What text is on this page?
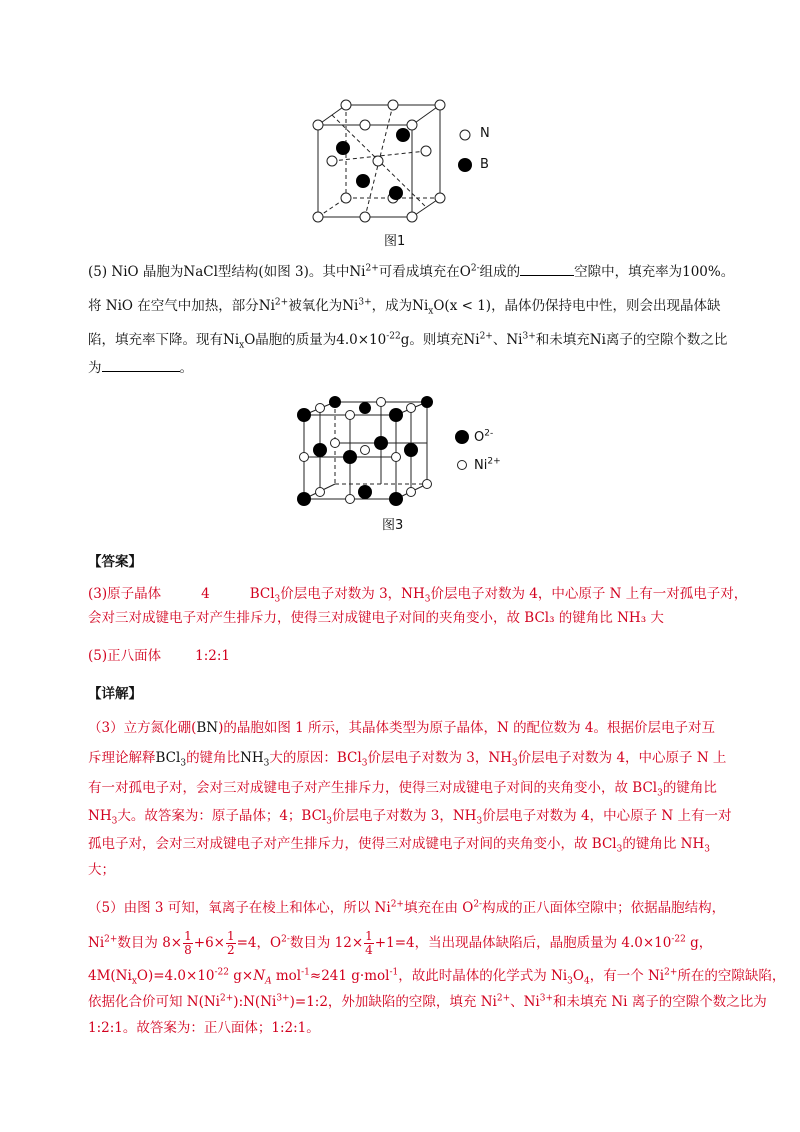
N
B
图1
(5) NiO 晶胞为NaCl型结构(如图 3)。其中$Ni^{2+}$可看成填充在$O^{2-}$组成的	空隙中，填充率为100%。
将 NiO 在空气中加热，部分$Ni^{2+}$被氧化为$Ni^{3+}$，成为$Ni_xO(x < 1)$，晶体仍保持电中性，则会出现晶体缺
陷，填充率下降。现有$Ni_xO$晶胞的质量为$4.0\times 10^{-22}g$。则填充$Ni^{2+}$、$Ni^{3+}$和未填充Ni离子的空隙个数之比
为	。
$O^{2-}$
$Ni^{2+}$
图3
【答案】
(3)原子晶体	4	BCl$_3$价层电子对数为 3，$NH_3$价层电子对数为 4，中心原子 N 上有一对孤电子对，
会对三对成键电子对产生排斥力，使得三对成键电子对间的夹角变小，故 BCl₃ 的键角比 NH₃ 大
(5)正八面体	1:2:1
【详解】
（3）立方氮化硼(BN)的晶胞如图 1 所示，其晶体类型为原子晶体，N 的配位数为 4。根据价层电子对互
斥理论解释BCl$_3$的键角比$NH_3$大的原因：BCl$_3$价层电子对数为 3，$NH_3$价层电子对数为 4，中心原子 N 上
有一对孤电子对，会对三对成键电子对产生排斥力，使得三对成键电子对间的夹角变小，故 BCl$_3$的键角比
$NH_3$大。故答案为：原子晶体；4；BCl$_3$价层电子对数为 3，$NH_3$价层电子对数为 4，中心原子 N 上有一对
孤电子对，会对三对成键电子对产生排斥力，使得三对成键电子对间的夹角变小，故 BCl$_3$的键角比 $NH_3$
大；
（5）由图 3 可知，氧离子在棱上和体心，所以 $Ni^{2+}$填充在由 $O^{2-}$构成的正八面体空隙中；依据晶胞结构，
$Ni^{2+}$数目为 $8\times \frac{1}{8} +6\times \frac{1}{2} =4$，$O^{2-}$数目为 $12\times \frac{1}{4} +1=4$，当出现晶体缺陷后，晶胞质量为 $4.0\times 10^{-22}$ g，
$4M(Ni_xO)=4.0\times 10^{-22}$ $g\times N_A$ mol$^{-1}$≈241 g·mol$^{-1}$，故此时晶体的化学式为 $Ni_3O_4$，有一个 $Ni^{2+}$所在的空隙缺陷，
依据化合价可知 $N(Ni^{2+}):N(Ni^{3+})=1:2$，外加缺陷的空隙，填充 $Ni^{2+}$、$Ni^{3+}$和未填充 Ni 离子的空隙个数之比为
1:2:1。故答案为：正八面体；1:2:1。
